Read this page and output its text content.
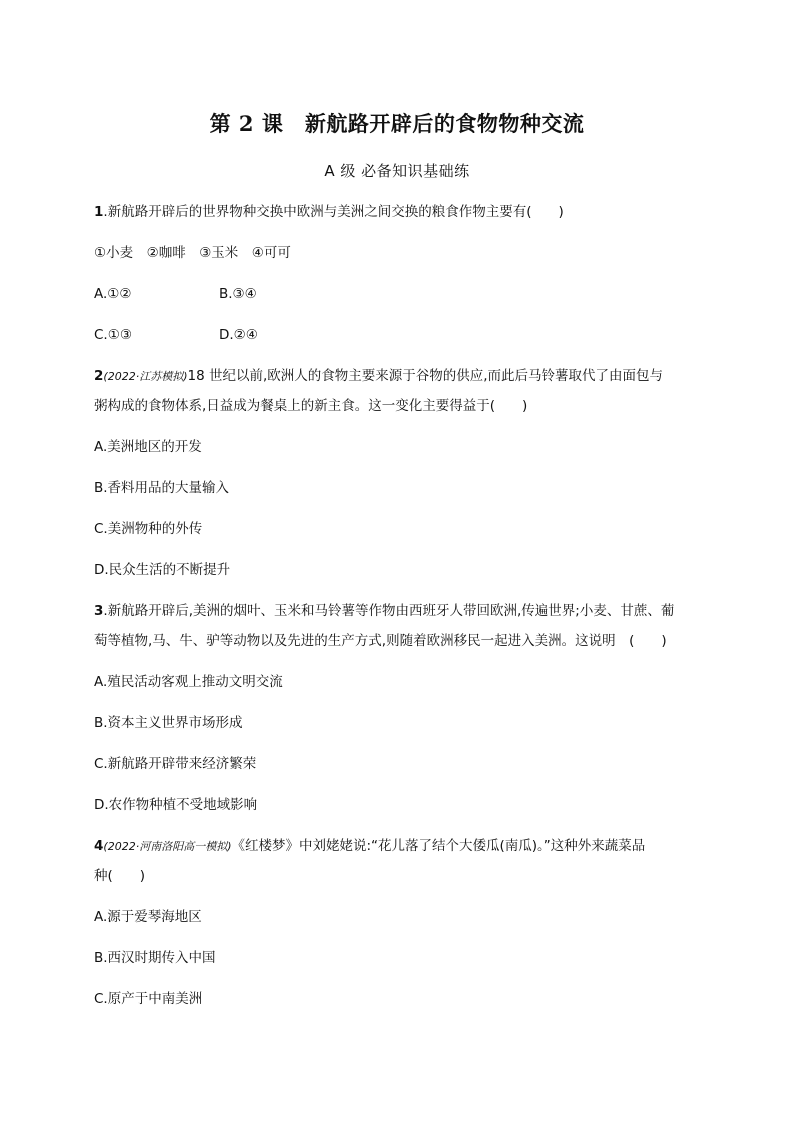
第 2 课　新航路开辟后的食物物种交流
A 级 必备知识基础练
1.新航路开辟后的世界物种交换中欧洲与美洲之间交换的粮食作物主要有(　　)
①小麦　②咖啡　③玉米　④可可
A.①②	B.③④
C.①③	D.②④
2(2022·江苏模拟)18 世纪以前,欧洲人的食物主要来源于谷物的供应,而此后马铃薯取代了由面包与
粥构成的食物体系,日益成为餐桌上的新主食。这一变化主要得益于(　　)
A.美洲地区的开发
B.香料用品的大量输入
C.美洲物种的外传
D.民众生活的不断提升
3.新航路开辟后,美洲的烟叶、玉米和马铃薯等作物由西班牙人带回欧洲,传遍世界;小麦、甘蔗、葡
萄等植物,马、牛、驴等动物以及先进的生产方式,则随着欧洲移民一起进入美洲。这说明　(　　)
A.殖民活动客观上推动文明交流
B.资本主义世界市场形成
C.新航路开辟带来经济繁荣
D.农作物种植不受地域影响
4(2022·河南洛阳高一模拟)《红楼梦》中刘姥姥说:“花儿落了结个大倭瓜(南瓜)。”这种外来蔬菜品
种(　　)
A.源于爱琴海地区
B.西汉时期传入中国
C.原产于中南美洲
